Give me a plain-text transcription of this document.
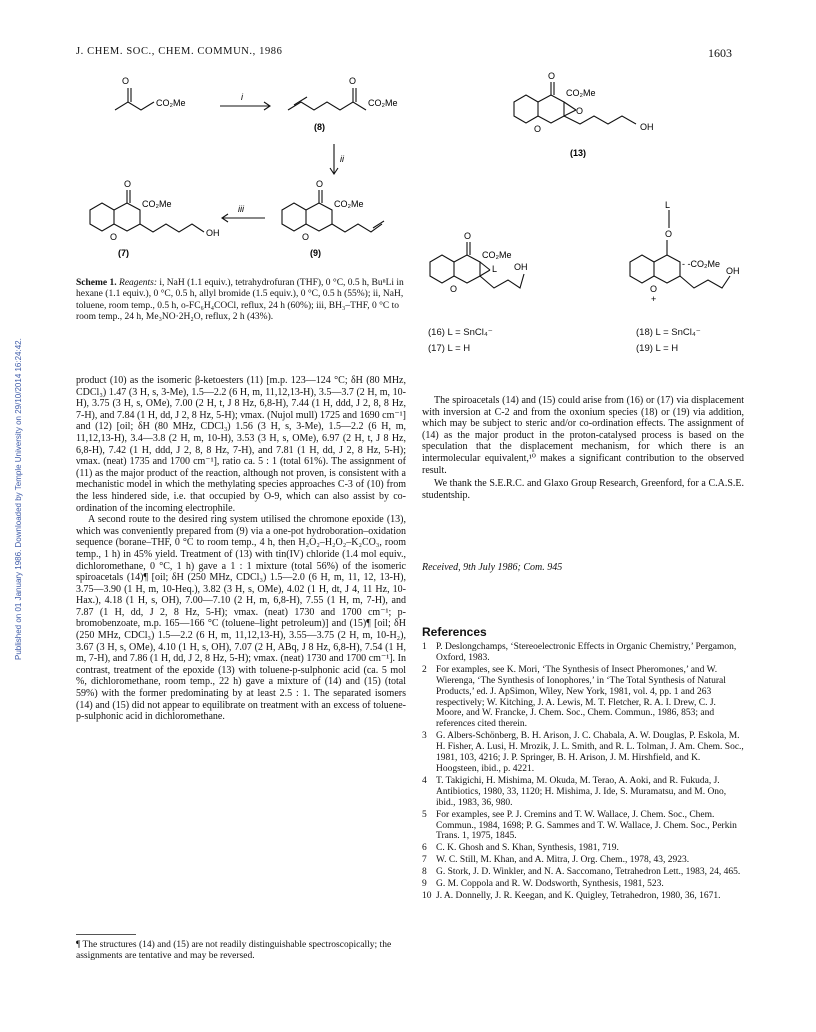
J. CHEM. SOC., CHEM. COMMUN., 1986	1603
Published on 01 January 1986. Downloaded by Temple University on 29/10/2014 16:24:42.
O
CO₂Me
i
O
CO₂Me
(8)
ii
O
CO₂Me
O
(9)
iii
O
CO₂Me
O	OH
(7)
O
CO₂Me
O
O	OH
(13)
O
CO₂Me
L
O
OH
L
O
- -CO₂Me
O
+
OH
(16) L = SnCl₄⁻
(17) L = H
(18) L = SnCl₄⁻
(19) L = H
Scheme 1. Reagents: i, NaH (1.1 equiv.), tetrahydrofuran (THF), 0 °C, 0.5 h, BuⁿLi in hexane (1.1 equiv.), 0 °C, 0.5 h, allyl bromide (1.5 equiv.), 0 °C, 0.5 h (55%); ii, NaH, toluene, room temp., 0.5 h, o-FC₆H₄COCl, reflux, 24 h (60%); iii, BH₃–THF, 0 °C to room temp., 24 h, Me₃NO·2H₂O, reflux, 2 h (43%).

product (10) as the isomeric β-ketoesters (11) [m.p. 123—124 °C; δH (80 MHz, CDCl₃) 1.47 (3 H, s, 3-Me), 1.5—2.2 (6 H, m, 11,12,13-H), 3.5—3.7 (2 H, m, 10-H), 3.75 (3 H, s, OMe), 7.00 (2 H, t, J 8 Hz, 6,8-H), 7.44 (1 H, ddd, J 2, 8, 8 Hz, 7-H), and 7.84 (1 H, dd, J 2, 8 Hz, 5-H); νmax. (Nujol mull) 1725 and 1690 cm⁻¹] and (12) [oil; δH (80 MHz, CDCl₃) 1.56 (3 H, s, 3-Me), 1.5—2.2 (6 H, m, 11,12,13-H), 3.4—3.8 (2 H, m, 10-H), 3.53 (3 H, s, OMe), 6.97 (2 H, t, J 8 Hz, 6,8-H), 7.42 (1 H, ddd, J 2, 8, 8 Hz, 7-H), and 7.81 (1 H, dd, J 2, 8 Hz, 5-H); νmax. (neat) 1735 and 1700 cm⁻¹], ratio ca. 5 : 1 (total 61%). The assignment of (11) as the major product of the reaction, although not proven, is consistent with a mechanistic model in which the methylating species approaches C-3 of (10) from the less hindered side, i.e. that occupied by O-9, which can also assist by co-ordination of the incoming electrophile.

A second route to the desired ring system utilised the chromone epoxide (13), which was conveniently prepared from (9) via a one-pot hydroboration–oxidation sequence (borane–THF, 0 °C to room temp., 4 h, then H₂O₂–H₂O₂–K₂CO₃, room temp., 1 h) in 45% yield. Treatment of (13) with tin(IV) chloride (1.4 mol equiv., dichloromethane, 0 °C, 1 h) gave a 1 : 1 mixture (total 56%) of the isomeric spiroacetals (14)¶ [oil; δH (250 MHz, CDCl₃) 1.5—2.0 (6 H, m, 11, 12, 13-H), 3.75—3.90 (1 H, m, 10-Heq.), 3.82 (3 H, s, OMe), 4.02 (1 H, dt, J 4, 11 Hz, 10-Hax.), 4.18 (1 H, s, OH), 7.00—7.10 (2 H, m, 6,8-H), 7.55 (1 H, m, 7-H), and 7.87 (1 H, dd, J 2, 8 Hz, 5-H); νmax. (neat) 1730 and 1700 cm⁻¹; p-bromobenzoate, m.p. 165—166 °C (toluene–light petroleum)] and (15)¶ [oil; δH (250 MHz, CDCl₃) 1.5—2.2 (6 H, m, 11,12,13-H), 3.55—3.75 (2 H, m, 10-H₂), 3.67 (3 H, s, OMe), 4.10 (1 H, s, OH), 7.07 (2 H, ABq, J 8 Hz, 6,8-H), 7.54 (1 H, m, 7-H), and 7.86 (1 H, dd, J 2, 8 Hz, 5-H); νmax. (neat) 1730 and 1700 cm⁻¹]. In contrast, treatment of the epoxide (13) with toluene-p-sulphonic acid (ca. 5 mol %, dichloromethane, room temp., 22 h) gave a mixture of (14) and (15) (total 59%) with the former predominating by at least 2.5 : 1. The separated isomers (14) and (15) did not appear to equilibrate on treatment with an excess of toluene-p-sulphonic acid in dichloromethane.

¶ The structures (14) and (15) are not readily distinguishable spectroscopically; the assignments are tentative and may be reversed.

The spiroacetals (14) and (15) could arise from (16) or (17) via displacement with inversion at C-2 and from the oxonium species (18) or (19) via addition, which may be subject to steric and/or co-ordination effects. The assignment of (14) as the major product in the proton-catalysed process is based on the speculation that the displacement mechanism, for which there is an intermolecular equivalent,¹⁰ makes a significant contribution to the observed result.

We thank the S.E.R.C. and Glaxo Group Research, Greenford, for a C.A.S.E. studentship.

Received, 9th July 1986; Com. 945
References
1 P. Deslongchamps, ‘Stereoelectronic Effects in Organic Chemistry,’ Pergamon, Oxford, 1983.
2 For examples, see K. Mori, ‘The Synthesis of Insect Pheromones,’ and W. Wierenga, ‘The Synthesis of Ionophores,’ in ‘The Total Synthesis of Natural Products,’ ed. J. ApSimon, Wiley, New York, 1981, vol. 4, pp. 1 and 263 respectively; W. Kitching, J. A. Lewis, M. T. Fletcher, R. A. I. Drew, C. J. Moore, and W. Francke, J. Chem. Soc., Chem. Commun., 1986, 853; and references cited therein.
3 G. Albers-Schönberg, B. H. Arison, J. C. Chabala, A. W. Douglas, P. Eskola, M. H. Fisher, A. Lusi, H. Mrozik, J. L. Smith, and R. L. Tolman, J. Am. Chem. Soc., 1981, 103, 4216; J. P. Springer, B. H. Arison, J. M. Hirshfield, and K. Hoogsteen, ibid., p. 4221.
4 T. Takigichi, H. Mishima, M. Okuda, M. Terao, A. Aoki, and R. Fukuda, J. Antibiotics, 1980, 33, 1120; H. Mishima, J. Ide, S. Muramatsu, and M. Ono, ibid., 1983, 36, 980.
5 For examples, see P. J. Cremins and T. W. Wallace, J. Chem. Soc., Chem. Commun., 1984, 1698; P. G. Sammes and T. W. Wallace, J. Chem. Soc., Perkin Trans. 1, 1975, 1845.
6 C. K. Ghosh and S. Khan, Synthesis, 1981, 719.
7 W. C. Still, M. Khan, and A. Mitra, J. Org. Chem., 1978, 43, 2923.
8 G. Stork, J. D. Winkler, and N. A. Saccomano, Tetrahedron Lett., 1983, 24, 465.
9 G. M. Coppola and R. W. Dodsworth, Synthesis, 1981, 523.
10 J. A. Donnelly, J. R. Keegan, and K. Quigley, Tetrahedron, 1980, 36, 1671.
